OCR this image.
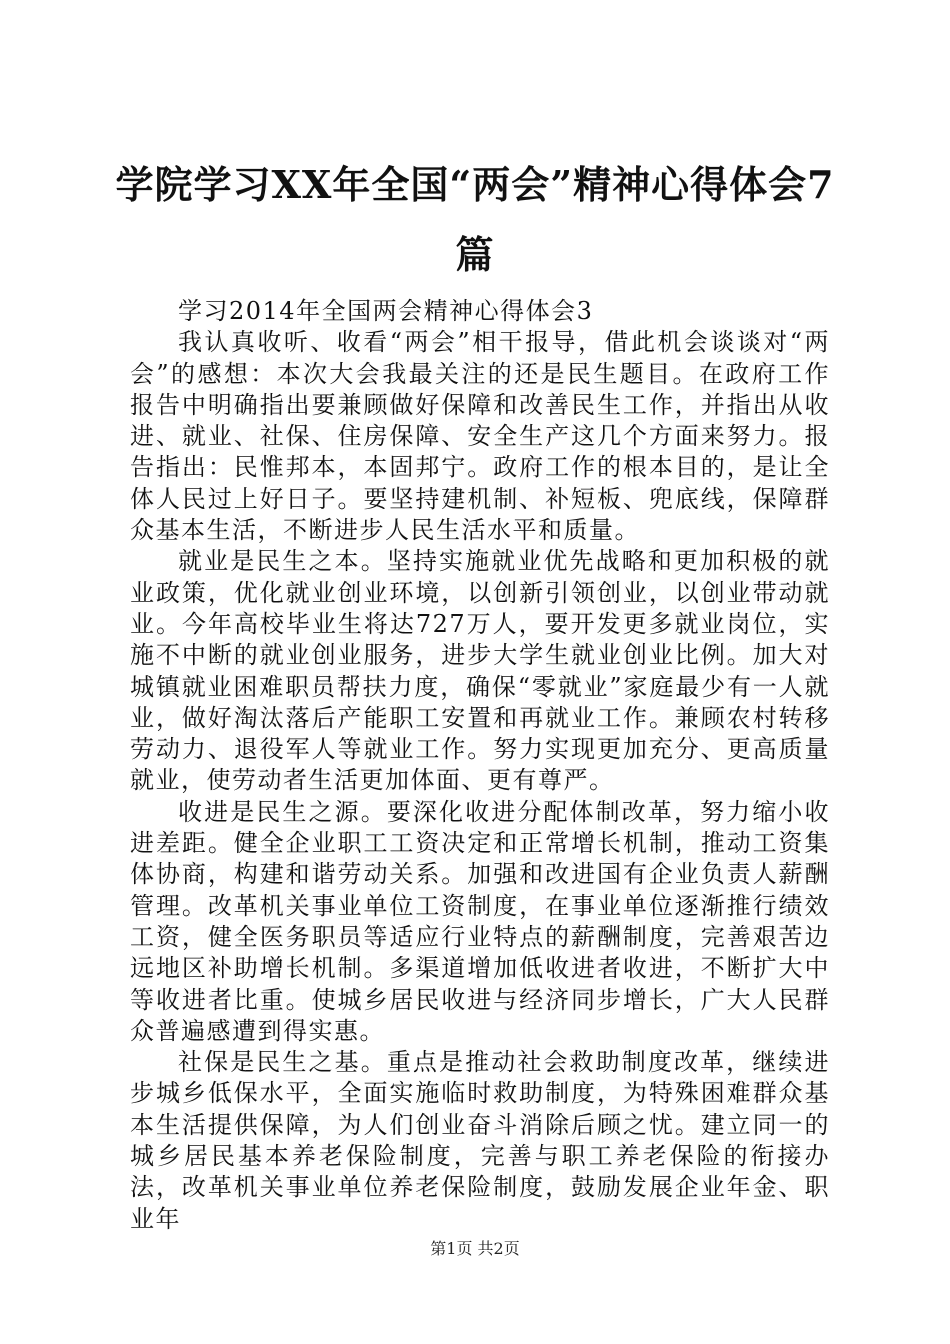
学院学习XX年全国“两会”精神心得体会7篇

学习2014年全国两会精神心得体会3

我认真收听、收看“两会”相干报导，借此机会谈谈对“两会”的感想：本次大会我最关注的还是民生题目。在政府工作报告中明确指出要兼顾做好保障和改善民生工作，并指出从收进、就业、社保、住房保障、安全生产这几个方面来努力。报告指出：民惟邦本，本固邦宁。政府工作的根本目的，是让全体人民过上好日子。要坚持建机制、补短板、兜底线，保障群众基本生活，不断进步人民生活水平和质量。

就业是民生之本。坚持实施就业优先战略和更加积极的就业政策，优化就业创业环境，以创新引领创业，以创业带动就业。今年高校毕业生将达727万人，要开发更多就业岗位，实施不中断的就业创业服务，进步大学生就业创业比例。加大对城镇就业困难职员帮扶力度，确保“零就业”家庭最少有一人就业，做好淘汰落后产能职工安置和再就业工作。兼顾农村转移劳动力、退役军人等就业工作。努力实现更加充分、更高质量就业，使劳动者生活更加体面、更有尊严。

收进是民生之源。要深化收进分配体制改革，努力缩小收进差距。健全企业职工工资决定和正常增长机制，推动工资集体协商，构建和谐劳动关系。加强和改进国有企业负责人薪酬管理。改革机关事业单位工资制度，在事业单位逐渐推行绩效工资，健全医务职员等适应行业特点的薪酬制度，完善艰苦边远地区补助增长机制。多渠道增加低收进者收进，不断扩大中等收进者比重。使城乡居民收进与经济同步增长，广大人民群众普遍感遭到得实惠。

社保是民生之基。重点是推动社会救助制度改革，继续进步城乡低保水平，全面实施临时救助制度，为特殊困难群众基本生活提供保障，为人们创业奋斗消除后顾之忧。建立同一的城乡居民基本养老保险制度，完善与职工养老保险的衔接办法，改革机关事业单位养老保险制度，鼓励发展企业年金、职业年

第1页 共2页
